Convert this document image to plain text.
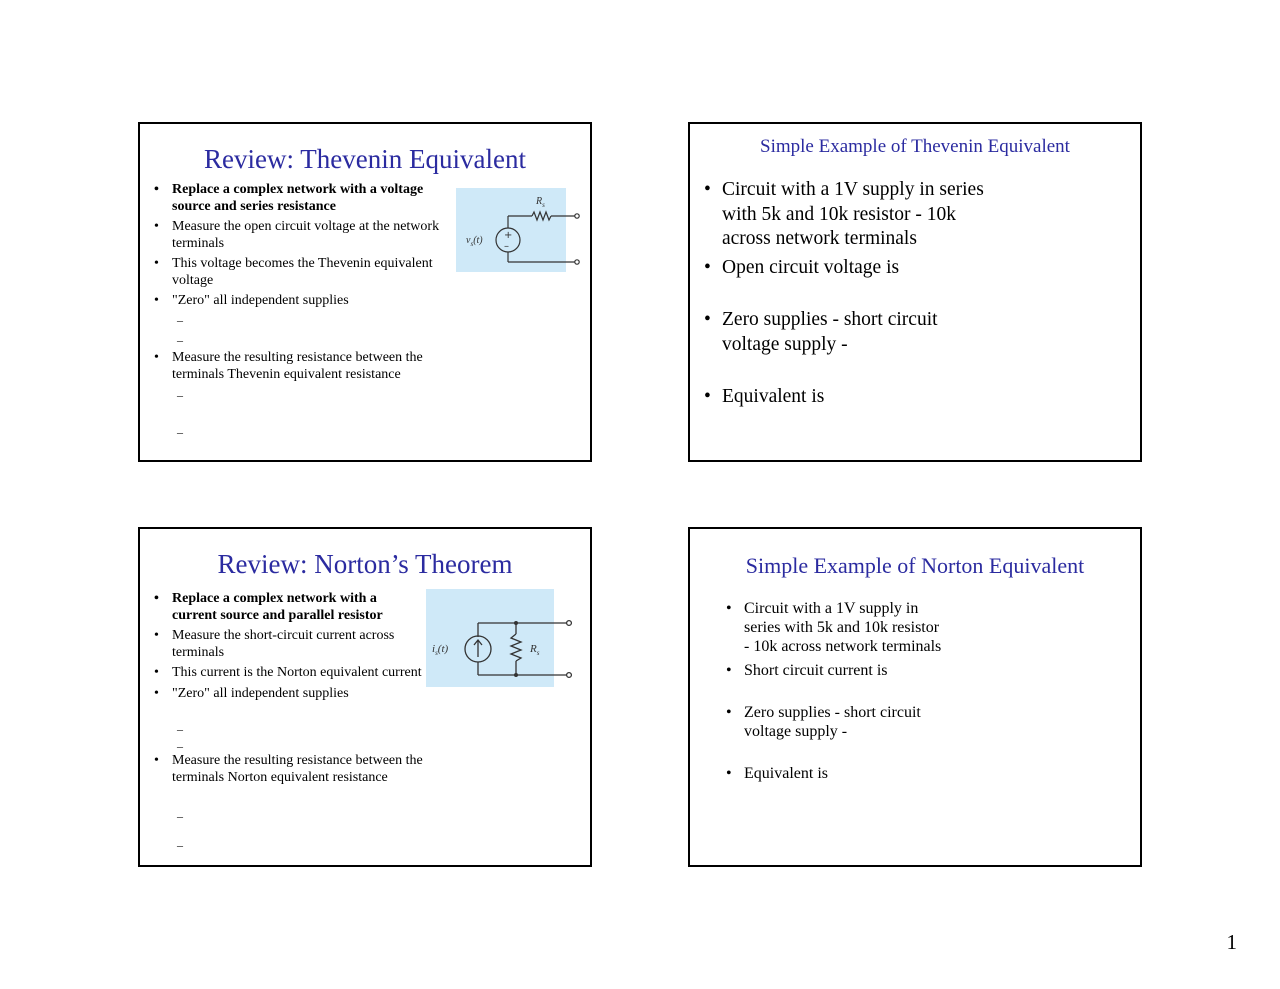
Review: Thevenin Equivalent
• Replace a complex network with a voltage source and series resistance
• Measure the open circuit voltage at the network terminals
• This voltage becomes the Thevenin equivalent voltage
• "Zero" all independent supplies
–
–
• Measure the resulting resistance between the terminals Thevenin equivalent resistance
–
–
+
–
$v_s(t)$
$R_s$
Simple Example of Thevenin Equivalent
• Circuit with a 1V supply in series with 5k and 10k resistor - 10k across network terminals
• Open circuit voltage is
• Zero supplies - short circuit voltage supply -
• Equivalent is
Review: Norton’s Theorem
• Replace a complex network with a current source and parallel resistor
• Measure the short-circuit current across terminals
• This current is the Norton equivalent current
• "Zero" all independent supplies
–
–
• Measure the resulting resistance between the terminals Norton equivalent resistance
–
–
$i_s(t)$	$R_s$
Simple Example of Norton Equivalent
• Circuit with a 1V supply in series with 5k and 10k resistor - 10k across network terminals
• Short circuit current is
• Zero supplies - short circuit voltage supply -
• Equivalent is
1
